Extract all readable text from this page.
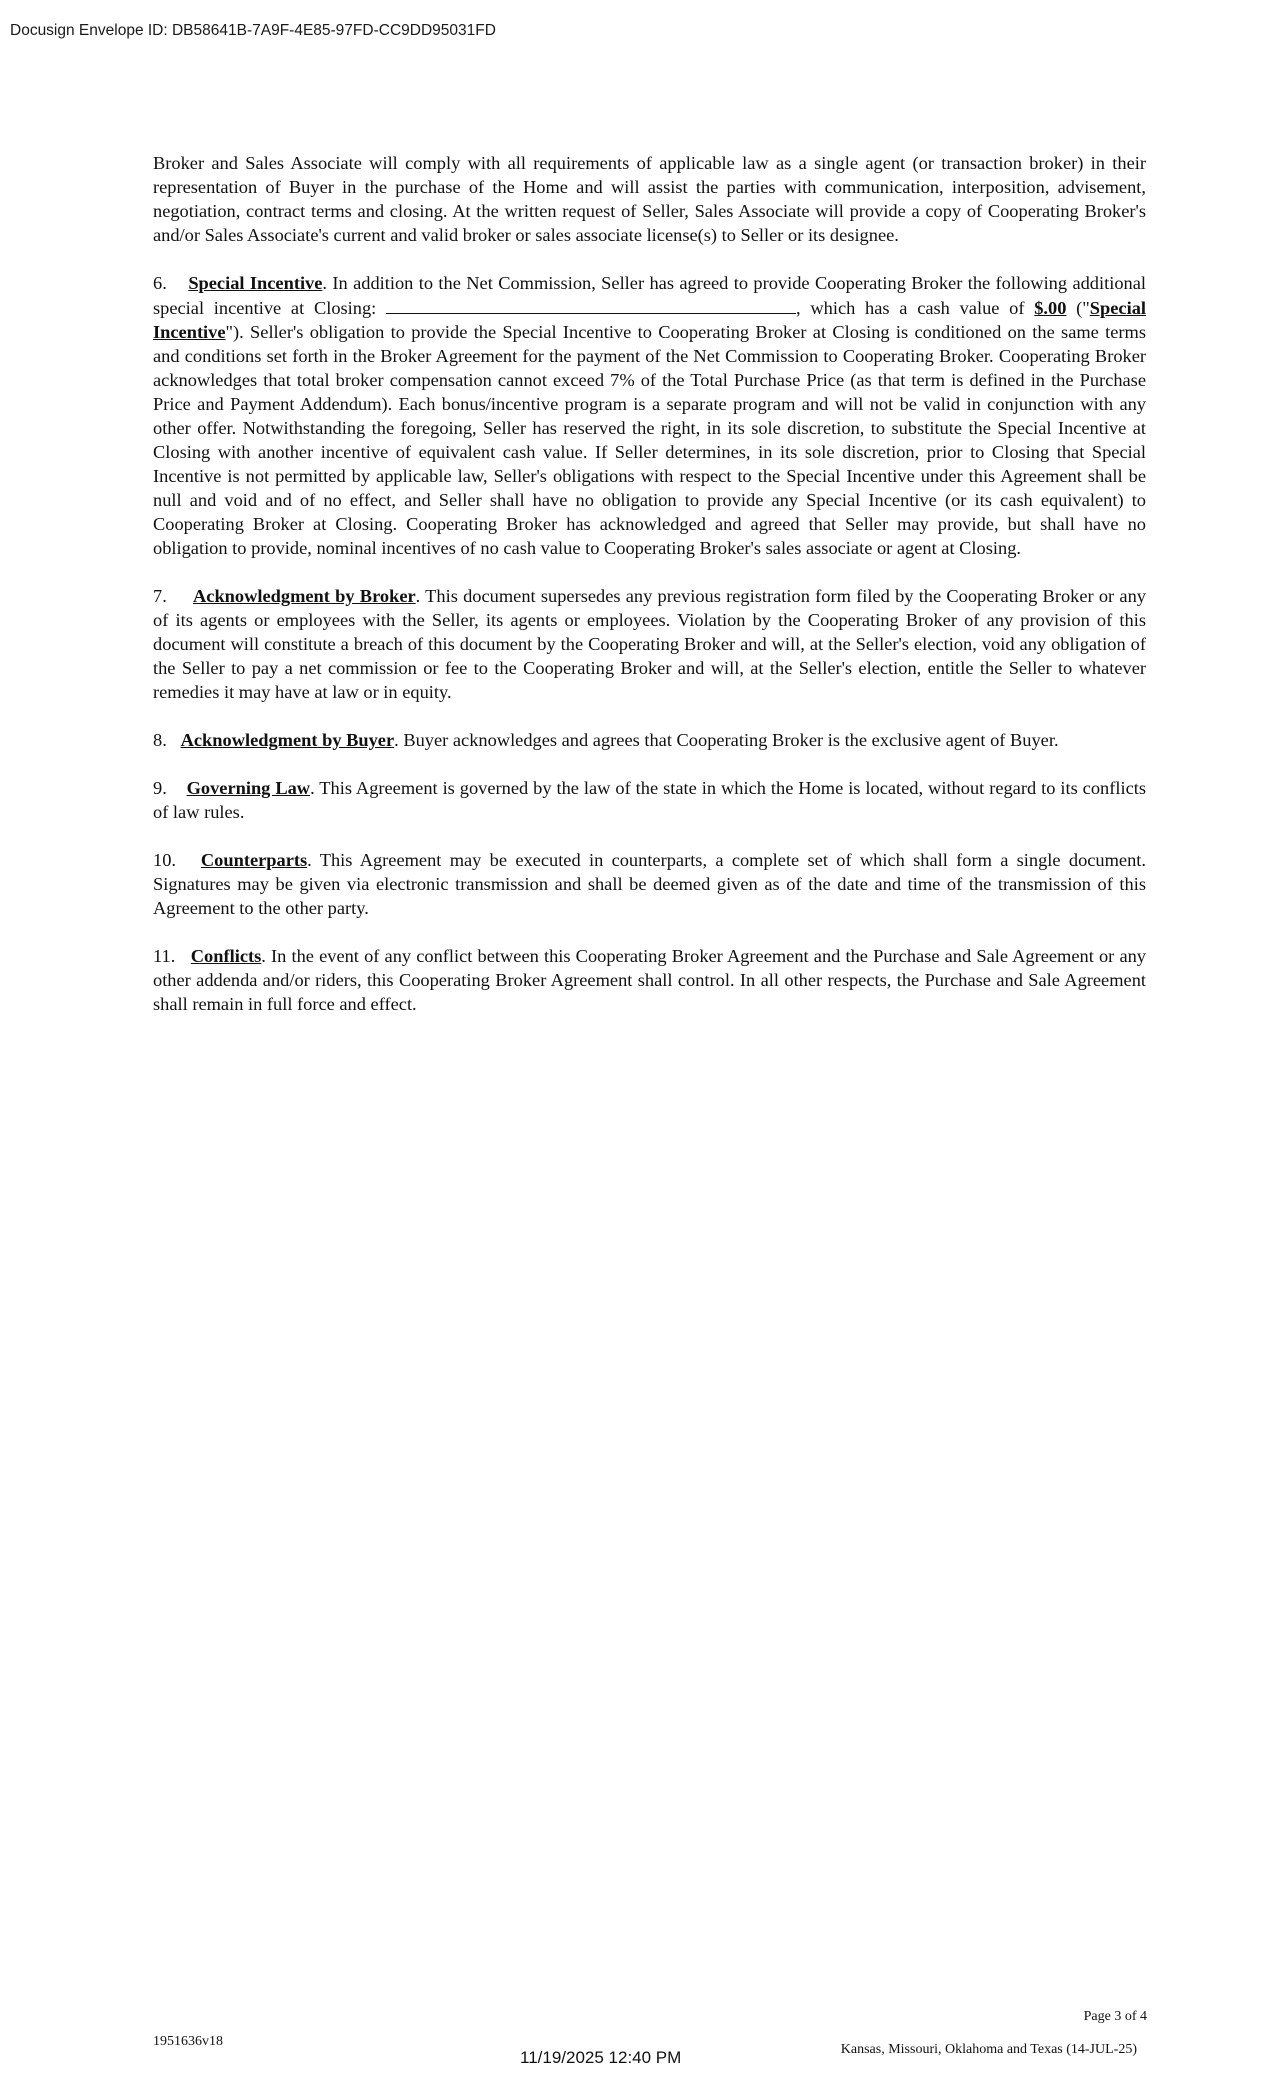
Docusign Envelope ID: DB58641B-7A9F-4E85-97FD-CC9DD95031FD

Broker and Sales Associate will comply with all requirements of applicable law as a single agent (or transaction broker) in their representation of Buyer in the purchase of the Home and will assist the parties with communication, interposition, advisement, negotiation, contract terms and closing. At the written request of Seller, Sales Associate will provide a copy of Cooperating Broker's and/or Sales Associate's current and valid broker or sales associate license(s) to Seller or its designee.

6. Special Incentive. In addition to the Net Commission, Seller has agreed to provide Cooperating Broker the following additional special incentive at Closing:	, which has a cash value of $.00 ("Special Incentive"). Seller's obligation to provide the Special Incentive to Cooperating Broker at Closing is conditioned on the same terms and conditions set forth in the Broker Agreement for the payment of the Net Commission to Cooperating Broker. Cooperating Broker acknowledges that total broker compensation cannot exceed 7% of the Total Purchase Price (as that term is defined in the Purchase Price and Payment Addendum). Each bonus/incentive program is a separate program and will not be valid in conjunction with any other offer. Notwithstanding the foregoing, Seller has reserved the right, in its sole discretion, to substitute the Special Incentive at Closing with another incentive of equivalent cash value. If Seller determines, in its sole discretion, prior to Closing that Special Incentive is not permitted by applicable law, Seller's obligations with respect to the Special Incentive under this Agreement shall be null and void and of no effect, and Seller shall have no obligation to provide any Special Incentive (or its cash equivalent) to Cooperating Broker at Closing. Cooperating Broker has acknowledged and agreed that Seller may provide, but shall have no obligation to provide, nominal incentives of no cash value to Cooperating Broker's sales associate or agent at Closing.

7. Acknowledgment by Broker. This document supersedes any previous registration form filed by the Cooperating Broker or any of its agents or employees with the Seller, its agents or employees. Violation by the Cooperating Broker of any provision of this document will constitute a breach of this document by the Cooperating Broker and will, at the Seller's election, void any obligation of the Seller to pay a net commission or fee to the Cooperating Broker and will, at the Seller's election, entitle the Seller to whatever remedies it may have at law or in equity.

8. Acknowledgment by Buyer. Buyer acknowledges and agrees that Cooperating Broker is the exclusive agent of Buyer.

9. Governing Law. This Agreement is governed by the law of the state in which the Home is located, without regard to its conflicts of law rules.

10. Counterparts. This Agreement may be executed in counterparts, a complete set of which shall form a single document. Signatures may be given via electronic transmission and shall be deemed given as of the date and time of the transmission of this Agreement to the other party.

11. Conflicts. In the event of any conflict between this Cooperating Broker Agreement and the Purchase and Sale Agreement or any other addenda and/or riders, this Cooperating Broker Agreement shall control. In all other respects, the Purchase and Sale Agreement shall remain in full force and effect.

Page 3 of 4
1951636v18
Kansas, Missouri, Oklahoma and Texas (14-JUL-25)
11/19/2025 12:40 PM
